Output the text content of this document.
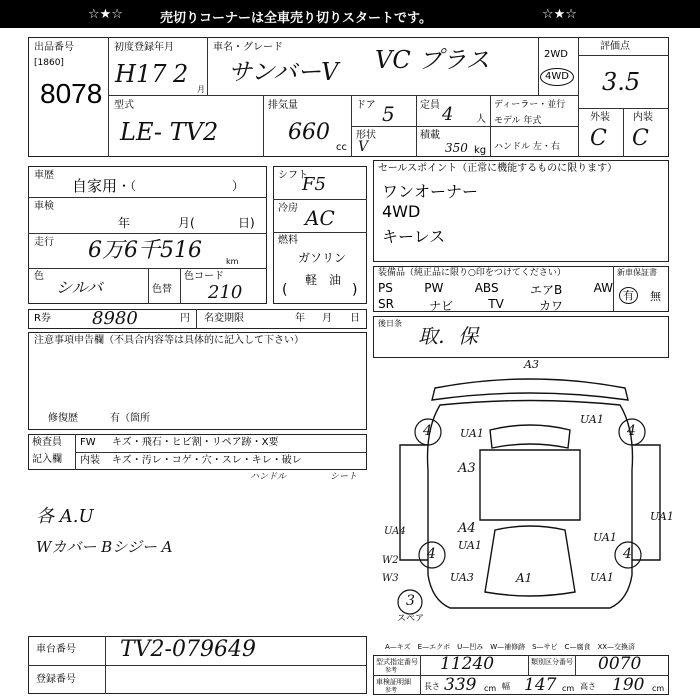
☆★☆	売切りコーナーは全車売り切りスタートです。	☆★☆
出品番号
[1860]
8078
初度登録年月
H17 2
月
車名・グレード
サンバーV VC プラス	2WD
4WD
評価点
3.5
型式
LE- TV2
排気量
660
cc
ドア 5	定員 4 人
ディーラー・並行
モデル 年式
形状
V
積載
350 kg ハンドル 左・右
外装
C
内装
C
車歴
自家用 ・（　　　　　　　　）
車検
年	月(	日)
走行 6万6千516	km
色
シルバ	色替
色コード
210
シフト
F5
冷房 AC
燃料
ガソリン
軽　油
(	)
セールスポイント（正常に機能するものに限ります）
ワンオーナー
4WD
キーレス
装備品（純正品に限り○印をつけてください）
PS	PW	ABS	エアB	AW
SR	ナビ	TV	カワ
新車保証書
有	無
R券 8980	円 名変期限	年 月 日
注意事項申告欄（不具合内容等は具体的に記入して下さい）
修復歴	有（箇所
後日条
取．保
検査員
記入欄
FW キズ・飛石・ヒビ割・リペア跡・X要
内装 キズ・汚レ・コゲ・穴・スレ・キレ・破レ
ハンドル	シート
各 A.U
Wカバー Bシジー A
4	4
4	4
3
スペア
A3
UA1
UA1
A3
A4
UA1
UA1
UA1
UA1
UA3	A1
UA4
W2
W3
A—キズ　E—エクボ　U—凹み　W—補修跡　S—サビ　C—腐食　XX—交換済
車台番号 TV2-079649
登録番号
型式指定番号
参考	11240	類別区分番号 0070
車検証明細
参考	長さ 339 cm 幅 147 cm 高さ 190 cm
